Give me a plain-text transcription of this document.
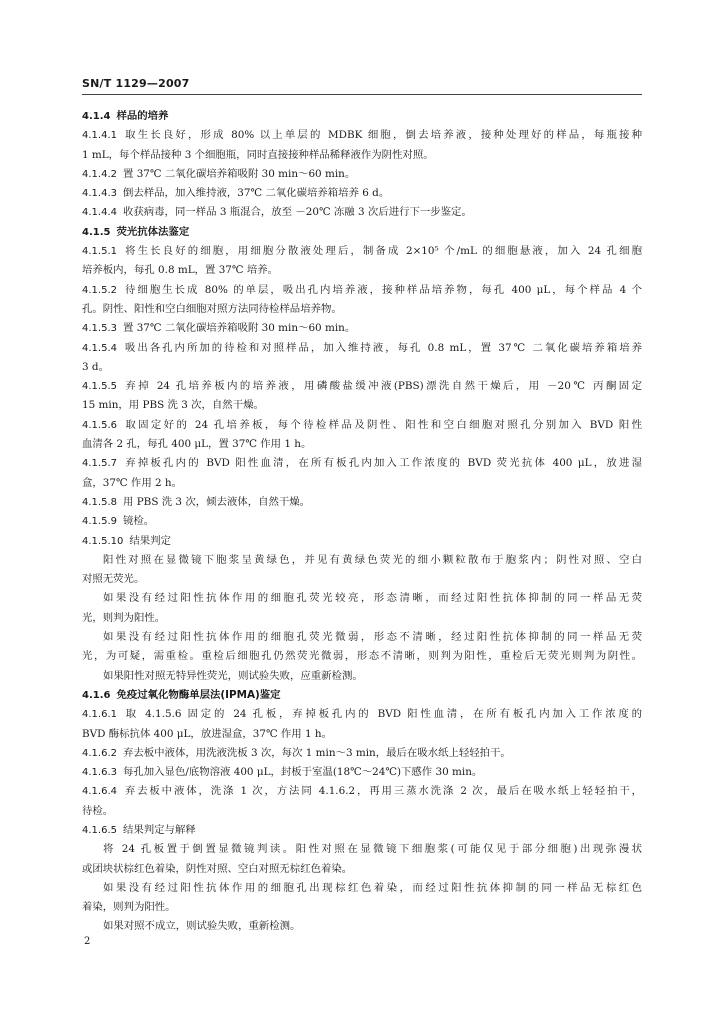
SN/T 1129—2007
4.1.4 样品的培养
4.1.4.1 取生长良好，形成 80% 以上单层的 MDBK 细胞，倒去培养液，接种处理好的样品，每瓶接种
1 mL，每个样品接种 3 个细胞瓶，同时直接接种样品稀释液作为阴性对照。
4.1.4.2 置 37℃ 二氧化碳培养箱吸附 30 min～60 min。
4.1.4.3 倒去样品，加入维持液，37℃ 二氧化碳培养箱培养 6 d。
4.1.4.4 收获病毒，同一样品 3 瓶混合，放至 －20℃ 冻融 3 次后进行下一步鉴定。
4.1.5 荧光抗体法鉴定
4.1.5.1 将生长良好的细胞，用细胞分散液处理后，制备成 2×10⁵ 个/mL 的细胞悬液，加入 24 孔细胞
培养板内，每孔 0.8 mL，置 37℃ 培养。
4.1.5.2 待细胞生长成 80% 的单层，吸出孔内培养液，接种样品培养物，每孔 400 μL，每个样品 4 个
孔。阴性、阳性和空白细胞对照方法同待检样品培养物。
4.1.5.3 置 37℃ 二氧化碳培养箱吸附 30 min～60 min。
4.1.5.4 吸出各孔内所加的待检和对照样品，加入维持液，每孔 0.8 mL，置 37℃ 二氧化碳培养箱培养
3 d。
4.1.5.5 弃掉 24 孔培养板内的培养液，用磷酸盐缓冲液(PBS)漂洗自然干燥后，用 －20℃ 丙酮固定
15 min，用 PBS 洗 3 次，自然干燥。
4.1.5.6 取固定好的 24 孔培养板，每个待检样品及阴性、阳性和空白细胞对照孔分别加入 BVD 阳性
血清各 2 孔，每孔 400 μL，置 37℃ 作用 1 h。
4.1.5.7 弃掉板孔内的 BVD 阳性血清，在所有板孔内加入工作浓度的 BVD 荧光抗体 400 μL，放进湿
盒，37℃ 作用 2 h。
4.1.5.8 用 PBS 洗 3 次，倾去液体，自然干燥。
4.1.5.9 镜检。
4.1.5.10 结果判定
阳性对照在显微镜下胞浆呈黄绿色，并见有黄绿色荧光的细小颗粒散布于胞浆内；阴性对照、空白
对照无荧光。
如果没有经过阳性抗体作用的细胞孔荧光较亮，形态清晰，而经过阳性抗体抑制的同一样品无荧
光，则判为阳性。
如果没有经过阳性抗体作用的细胞孔荧光微弱，形态不清晰，经过阳性抗体抑制的同一样品无荧
光，为可疑，需重检。重检后细胞孔仍然荧光微弱，形态不清晰，则判为阳性，重检后无荧光则判为阴性。
如果阳性对照无特异性荧光，则试验失败，应重新检测。
4.1.6 免疫过氧化物酶单层法(IPMA)鉴定
4.1.6.1 取 4.1.5.6 固定的 24 孔板，弃掉板孔内的 BVD 阳性血清，在所有板孔内加入工作浓度的
BVD 酶标抗体 400 μL，放进湿盒，37℃ 作用 1 h。
4.1.6.2 弃去板中液体，用洗液洗板 3 次，每次 1 min～3 min，最后在吸水纸上轻轻拍干。
4.1.6.3 每孔加入显色/底物溶液 400 μL，封板于室温(18℃～24℃)下感作 30 min。
4.1.6.4 弃去板中液体，洗涤 1 次，方法同 4.1.6.2，再用三蒸水洗涤 2 次，最后在吸水纸上轻轻拍干，
待检。
4.1.6.5 结果判定与解释
将 24 孔板置于倒置显微镜判读。阳性对照在显微镜下细胞浆(可能仅见于部分细胞)出现弥漫状
或团块状棕红色着染，阴性对照、空白对照无棕红色着染。
如果没有经过阳性抗体作用的细胞孔出现棕红色着染，而经过阳性抗体抑制的同一样品无棕红色
着染，则判为阳性。
如果对照不成立，则试验失败，重新检测。
2
